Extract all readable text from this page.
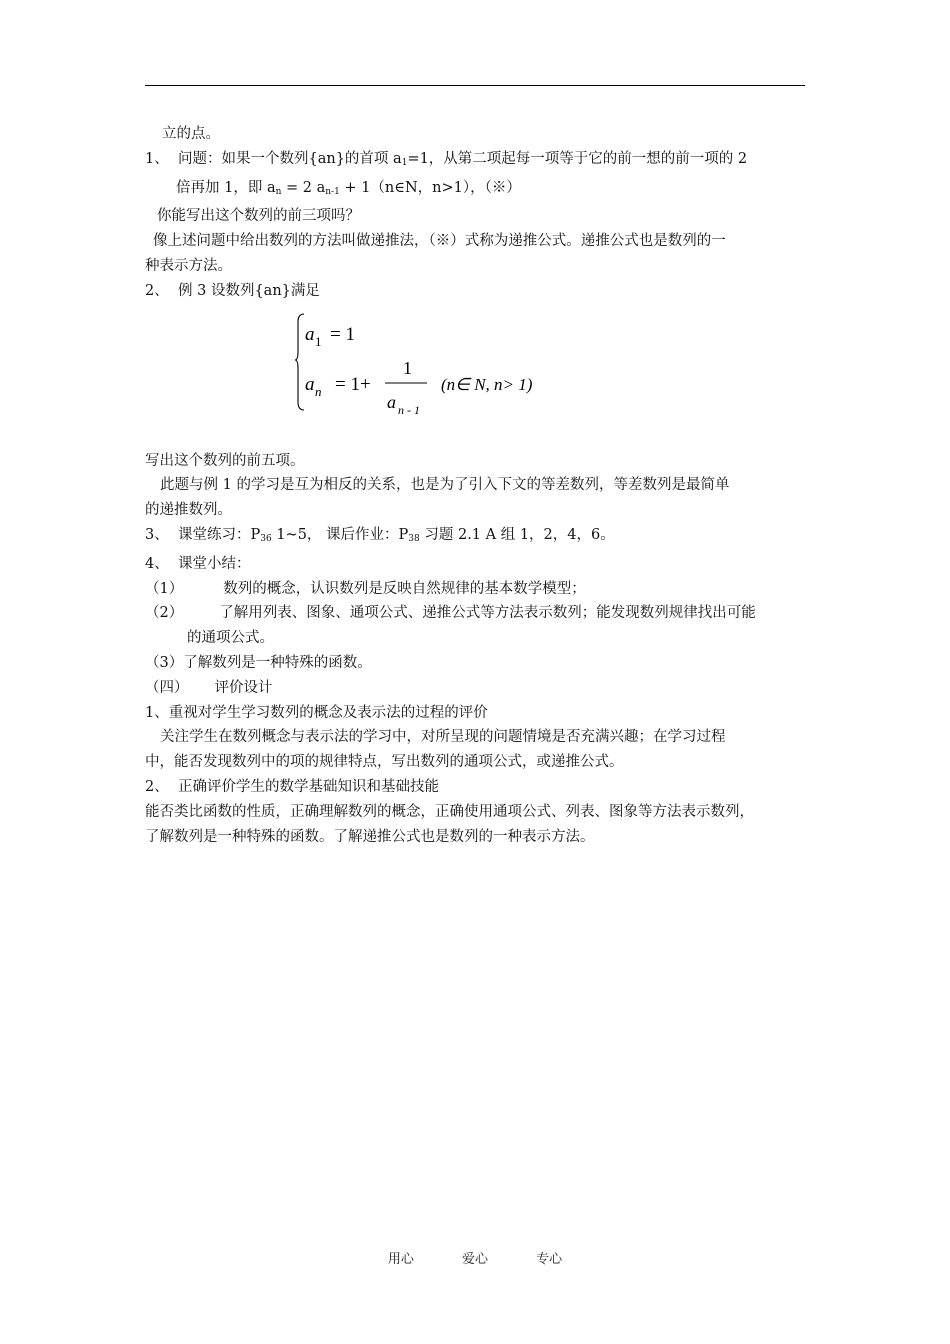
立的点。
1、 问题：如果一个数列{an}的首项 $a_1=1$，从第二项起每一项等于它的前一想的前一项的 2
倍再加 1，即 $a_n = 2$ $a_{n-1}$ + 1（n∈N，n>1），（※）
你能写出这个数列的前三项吗？
像上述问题中给出数列的方法叫做递推法，（※）式称为递推公式。递推公式也是数列的一
种表示方法。
2、 例 3 设数列{an}满足
a 1 = 1
a n = 1+
1
a n - 1
(n∈ N, n> 1)
写出这个数列的前五项。
此题与例 1 的学习是互为相反的关系，也是为了引入下文的等差数列，等差数列是最简单
的递推数列。
3、 课堂练习：$P_{36}$ 1~5， 课后作业：$P_{38}$ 习题 2.1 A 组 1，2，4，6。
4、 课堂小结：
（1）	数列的概念，认识数列是反映自然规律的基本数学模型；
（2） 了解用列表、图象、通项公式、递推公式等方法表示数列；能发现数列规律找出可能
的通项公式。
（3）了解数列是一种特殊的函数。
（四） 评价设计
1、重视对学生学习数列的概念及表示法的过程的评价
关注学生在数列概念与表示法的学习中，对所呈现的问题情境是否充满兴趣；在学习过程
中，能否发现数列中的项的规律特点，写出数列的通项公式，或递推公式。
2、 正确评价学生的数学基础知识和基础技能
能否类比函数的性质，正确理解数列的概念，正确使用通项公式、列表、图象等方法表示数列，
了解数列是一种特殊的函数。了解递推公式也是数列的一种表示方法。
用心	爱心	专心
